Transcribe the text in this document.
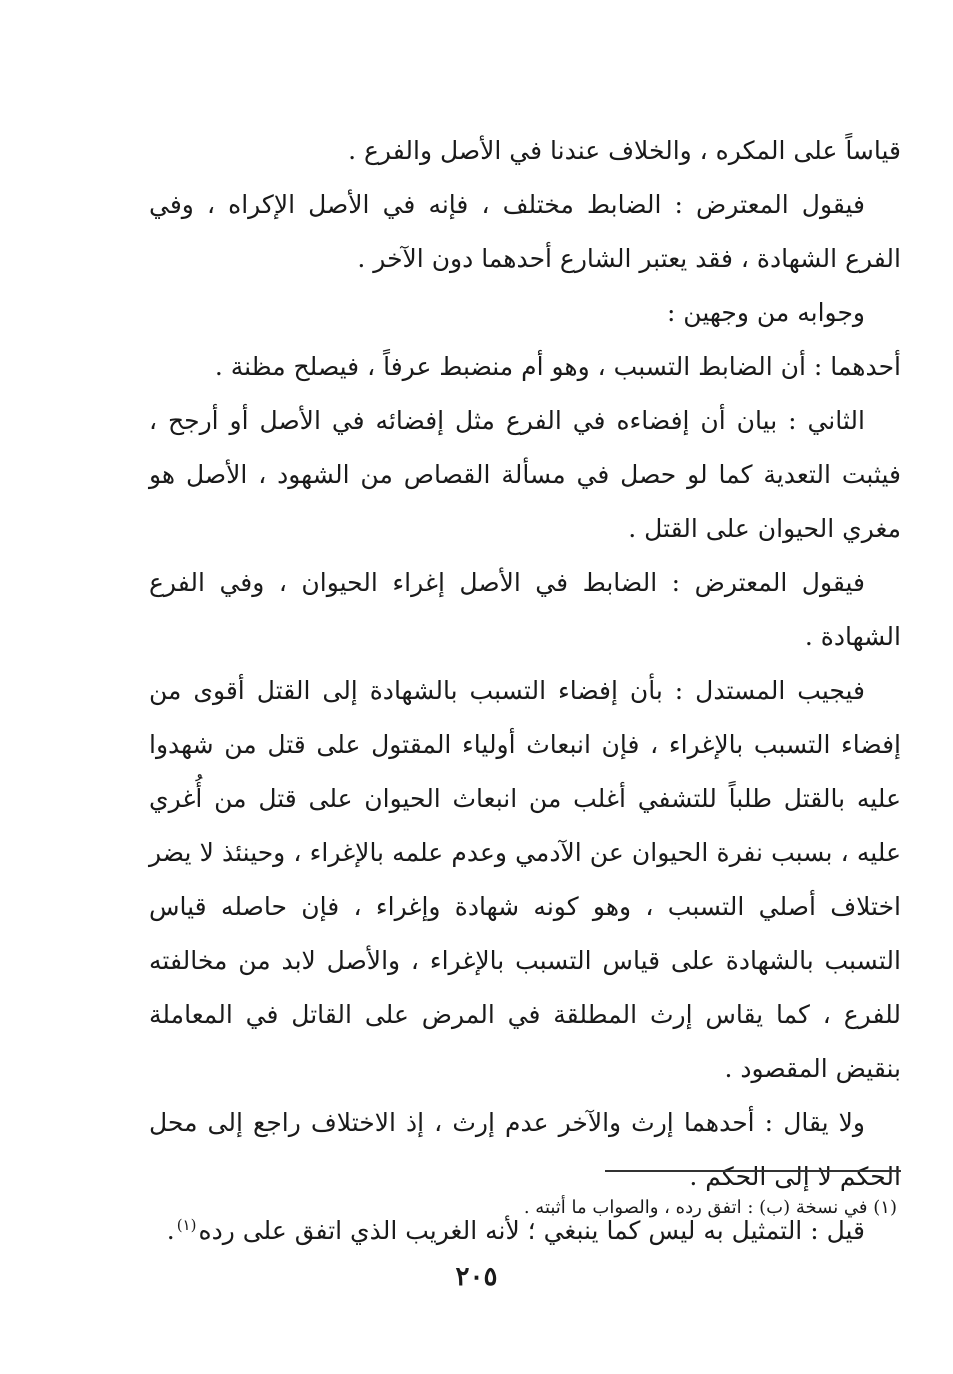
قياساً على المكره ، والخلاف عندنا في الأصل والفرع .

فيقول المعترض : الضابط مختلف ، فإنه في الأصل الإكراه ، وفي الفرع الشهادة ، فقد يعتبر الشارع أحدهما دون الآخر .

وجوابه من وجهين :

أحدهما : أن الضابط التسبب ، وهو أم منضبط عرفاً ، فيصلح مظنة .

الثاني : بيان أن إفضاءه في الفرع مثل إفضائه في الأصل أو أرجح ، فيثبت التعدية كما لو حصل في مسألة القصاص من الشهود ، الأصل هو مغري الحيوان على القتل .

فيقول المعترض : الضابط في الأصل إغراء الحيوان ، وفي الفرع الشهادة .

فيجيب المستدل : بأن إفضاء التسبب بالشهادة إلى القتل أقوى من إفضاء التسبب بالإغراء ، فإن انبعاث أولياء المقتول على قتل من شهدوا عليه بالقتل طلباً للتشفي أغلب من انبعاث الحيوان على قتل من أُغري عليه ، بسبب نفرة الحيوان عن الآدمي وعدم علمه بالإغراء ، وحينئذ لا يضر اختلاف أصلي التسبب ، وهو كونه شهادة وإغراء ، فإن حاصله قياس التسبب بالشهادة على قياس التسبب بالإغراء ، والأصل لابد من مخالفته للفرع ، كما يقاس إرث المطلقة في المرض على القاتل في المعاملة بنقيض المقصود .

ولا يقال : أحدهما إرث والآخر عدم إرث ، إذ الاختلاف راجع إلى محل الحكم لا إلى الحكم .

قيل : التمثيل به ليس كما ينبغي ؛ لأنه الغريب الذي اتفق على رده$^{(١)}$.

(١) في نسخة (ب) : اتفق رده ، والصواب ما أثبته .

٢٠٥
